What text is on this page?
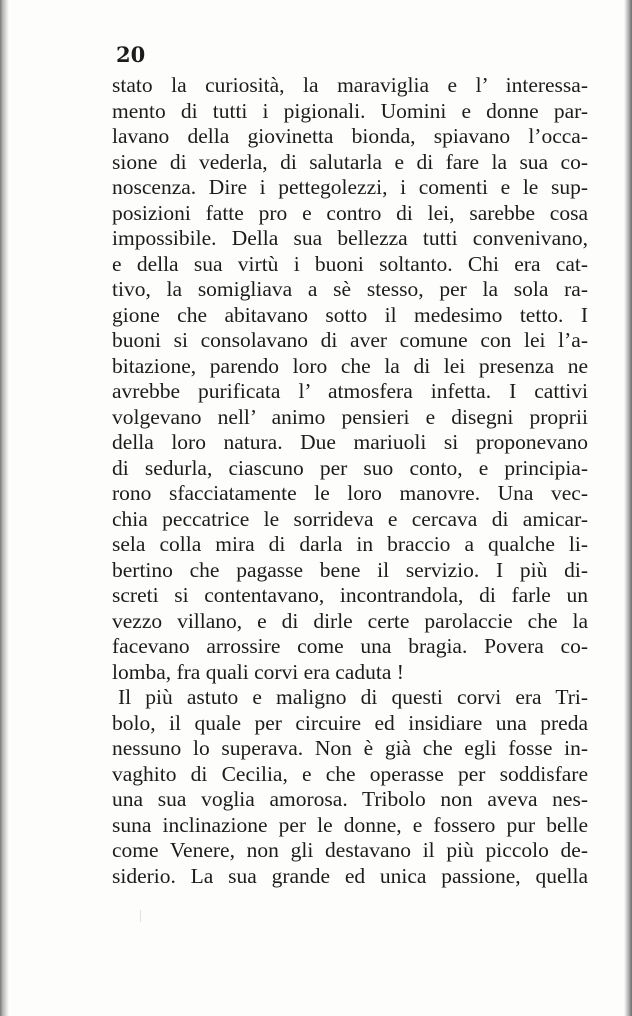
20
stato la curiosità, la maraviglia e l’ interessa-
mento di tutti i pigionali. Uomini e donne par-
lavano della giovinetta bionda, spiavano l’occa-
sione di vederla, di salutarla e di fare la sua co-
noscenza. Dire i pettegolezzi, i comenti e le sup-
posizioni fatte pro e contro di lei, sarebbe cosa
impossibile. Della sua bellezza tutti convenivano,
e della sua virtù i buoni soltanto. Chi era cat-
tivo, la somigliava a sè stesso, per la sola ra-
gione che abitavano sotto il medesimo tetto. I
buoni si consolavano di aver comune con lei l’a-
bitazione, parendo loro che la di lei presenza ne
avrebbe purificata l’ atmosfera infetta. I cattivi
volgevano nell’ animo pensieri e disegni proprii
della loro natura. Due mariuoli si proponevano
di sedurla, ciascuno per suo conto, e principia-
rono sfacciatamente le loro manovre. Una vec-
chia peccatrice le sorrideva e cercava di amicar-
sela colla mira di darla in braccio a qualche li-
bertino che pagasse bene il servizio. I più di-
screti si contentavano, incontrandola, di farle un
vezzo villano, e di dirle certe parolaccie che la
facevano arrossire come una bragia. Povera co-
lomba, fra quali corvi era caduta !
Il più astuto e maligno di questi corvi era Tri-
bolo, il quale per circuire ed insidiare una preda
nessuno lo superava. Non è già che egli fosse in-
vaghito di Cecilia, e che operasse per soddisfare
una sua voglia amorosa. Tribolo non aveva nes-
suna inclinazione per le donne, e fossero pur belle
come Venere, non gli destavano il più piccolo de-
siderio. La sua grande ed unica passione, quella
